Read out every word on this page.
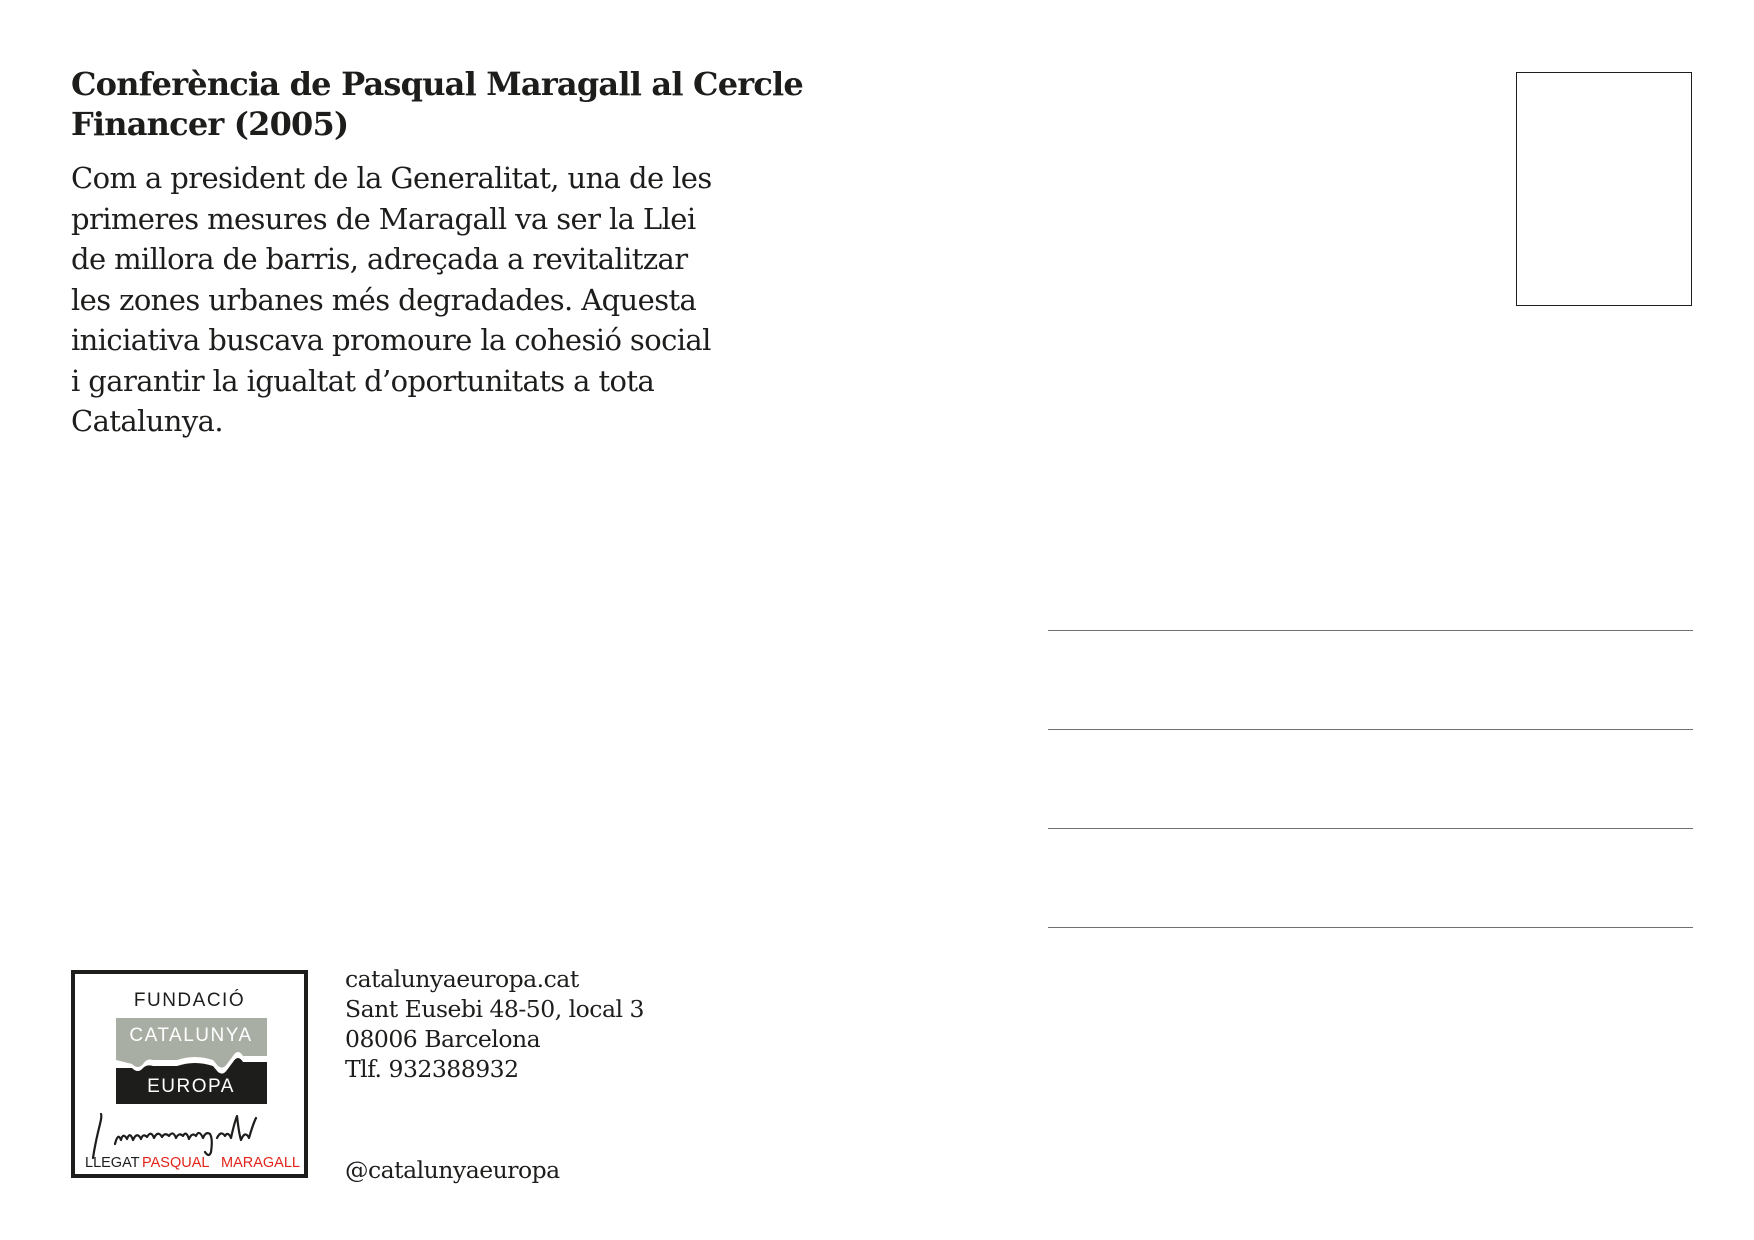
Conferència de Pasqual Maragall al Cercle
Financer (2005)

Com a president de la Generalitat, una de les
primeres mesures de Maragall va ser la Llei
de millora de barris, adreçada a revitalitzar
les zones urbanes més degradades. Aquesta
iniciativa buscava promoure la cohesió social
i garantir la igualtat d’oportunitats a tota
Catalunya.

FUNDACIÓ
CATALUNYA
EUROPA
LLEGAT PASQUAL MARAGALL
catalunyaeuropa.cat
Sant Eusebi 48-50, local 3
08006 Barcelona
Tlf. 932388932
@catalunyaeuropa
